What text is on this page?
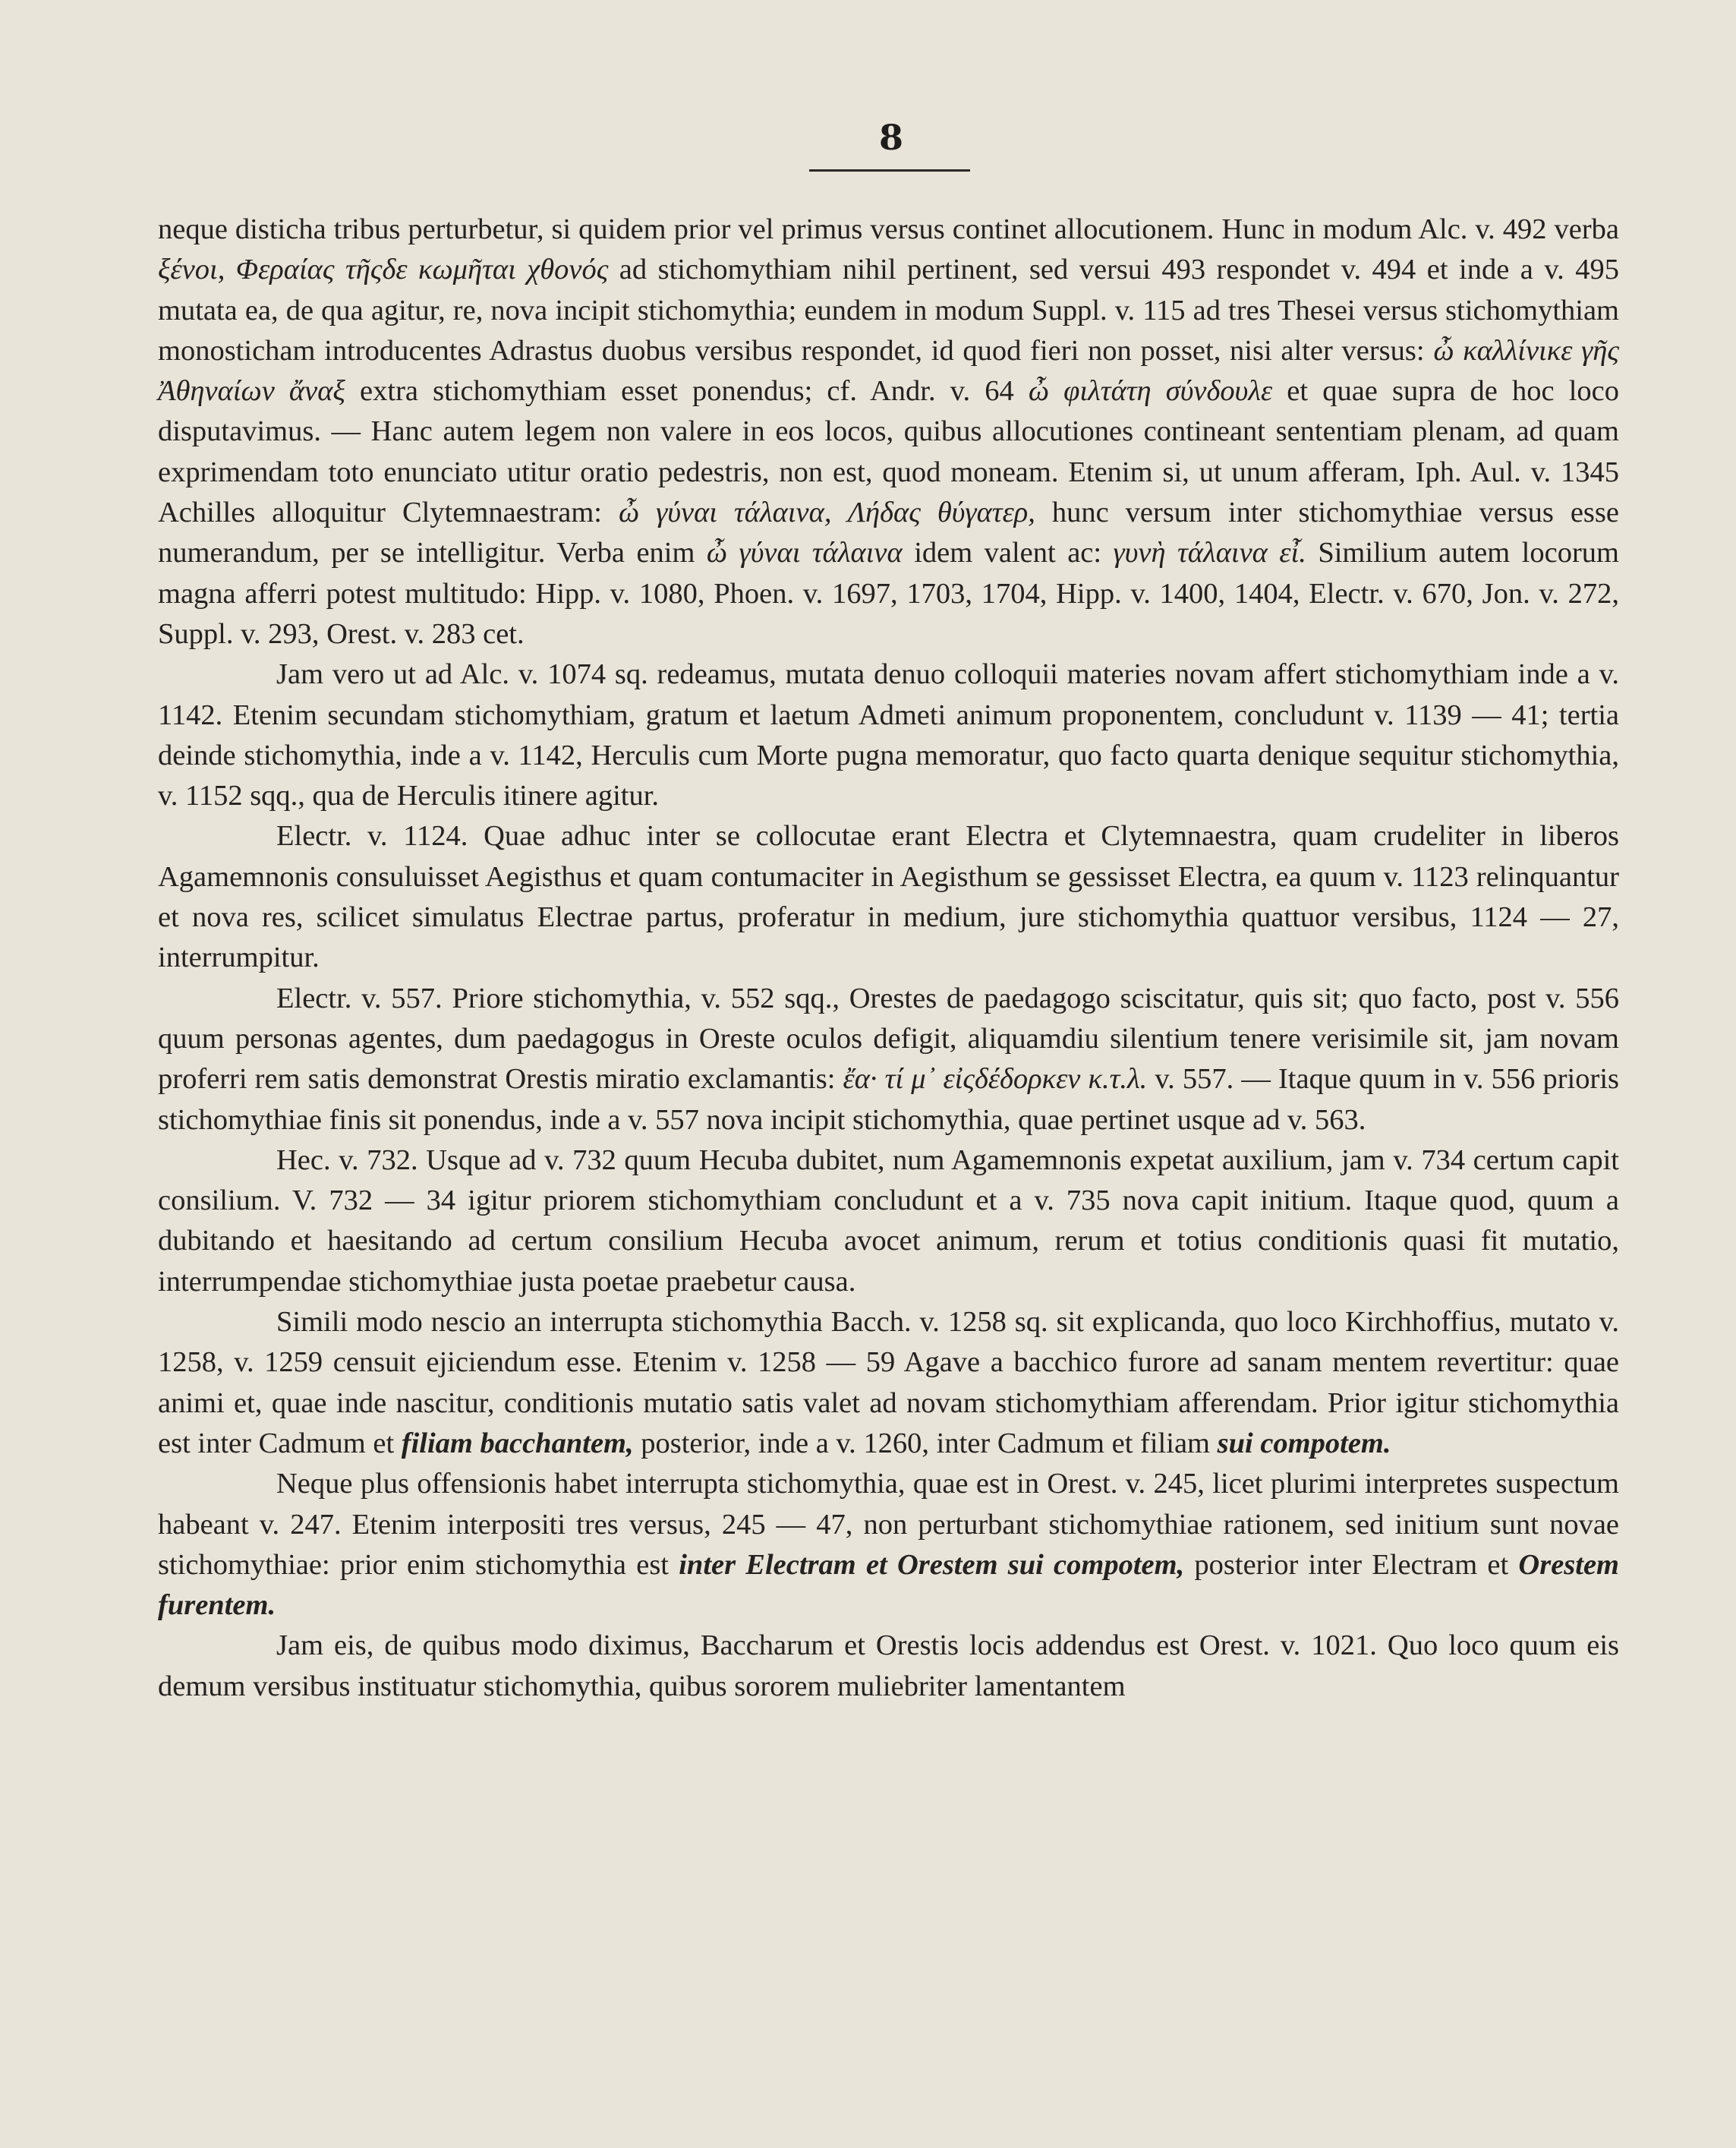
8

neque disticha tribus perturbetur, si quidem prior vel primus versus continet allocutionem. Hunc in modum Alc. v. 492 verba ξένοι, Φεραίας τῆςδε κωμῆται χθονός ad stichomythiam nihil pertinent, sed versui 493 respondet v. 494 et inde a v. 495 mutata ea, de qua agitur, re, nova incipit stichomythia; eundem in modum Suppl. v. 115 ad tres Thesei versus stichomythiam monosticham introducentes Adrastus duobus versibus respondet, id quod fieri non posset, nisi alter versus: ὦ καλλίνικε γῆς Ἀθηναίων ἄναξ extra stichomythiam esset ponendus; cf. Andr. v. 64 ὦ φιλτάτη σύνδουλε et quae supra de hoc loco disputavimus. — Hanc autem legem non valere in eos locos, quibus allocutiones contineant sententiam plenam, ad quam exprimendam toto enunciato utitur oratio pedestris, non est, quod moneam. Etenim si, ut unum afferam, Iph. Aul. v. 1345 Achilles alloquitur Clytemnaestram: ὦ γύναι τάλαινα, Λήδας θύγατερ, hunc versum inter stichomythiae versus esse numerandum, per se intelligitur. Verba enim ὦ γύναι τάλαινα idem valent ac: γυνὴ τάλαινα εἶ. Similium autem locorum magna afferri potest multitudo: Hipp. v. 1080, Phoen. v. 1697, 1703, 1704, Hipp. v. 1400, 1404, Electr. v. 670, Jon. v. 272, Suppl. v. 293, Orest. v. 283 cet.

Jam vero ut ad Alc. v. 1074 sq. redeamus, mutata denuo colloquii materies novam affert stichomythiam inde a v. 1142. Etenim secundam stichomythiam, gratum et laetum Admeti animum proponentem, concludunt v. 1139 — 41; tertia deinde stichomythia, inde a v. 1142, Herculis cum Morte pugna memoratur, quo facto quarta denique sequitur stichomythia, v. 1152 sqq., qua de Herculis itinere agitur.

Electr. v. 1124. Quae adhuc inter se collocutae erant Electra et Clytemnaestra, quam crudeliter in liberos Agamemnonis consuluisset Aegisthus et quam contumaciter in Aegisthum se gessisset Electra, ea quum v. 1123 relinquantur et nova res, scilicet simulatus Electrae partus, proferatur in medium, jure stichomythia quattuor versibus, 1124 — 27, interrumpitur.

Electr. v. 557. Priore stichomythia, v. 552 sqq., Orestes de paedagogo sciscitatur, quis sit; quo facto, post v. 556 quum personas agentes, dum paedagogus in Oreste oculos defigit, aliquamdiu silentium tenere verisimile sit, jam novam proferri rem satis demonstrat Orestis miratio exclamantis: ἔα· τί μ᾽ εἰςδέδορκεν κ.τ.λ. v. 557. — Itaque quum in v. 556 prioris stichomythiae finis sit ponendus, inde a v. 557 nova incipit stichomythia, quae pertinet usque ad v. 563.

Hec. v. 732. Usque ad v. 732 quum Hecuba dubitet, num Agamemnonis expetat auxilium, jam v. 734 certum capit consilium. V. 732 — 34 igitur priorem stichomythiam concludunt et a v. 735 nova capit initium. Itaque quod, quum a dubitando et haesitando ad certum consilium Hecuba avocet animum, rerum et totius conditionis quasi fit mutatio, interrumpendae stichomythiae justa poetae praebetur causa.

Simili modo nescio an interrupta stichomythia Bacch. v. 1258 sq. sit explicanda, quo loco Kirchhoffius, mutato v. 1258, v. 1259 censuit ejiciendum esse. Etenim v. 1258 — 59 Agave a bacchico furore ad sanam mentem revertitur: quae animi et, quae inde nascitur, conditionis mutatio satis valet ad novam stichomythiam afferendam. Prior igitur stichomythia est inter Cadmum et filiam bacchantem, posterior, inde a v. 1260, inter Cadmum et filiam sui compotem.

Neque plus offensionis habet interrupta stichomythia, quae est in Orest. v. 245, licet plurimi interpretes suspectum habeant v. 247. Etenim interpositi tres versus, 245 — 47, non perturbant stichomythiae rationem, sed initium sunt novae stichomythiae: prior enim stichomythia est inter Electram et Orestem sui compotem, posterior inter Electram et Orestem furentem.

Jam eis, de quibus modo diximus, Baccharum et Orestis locis addendus est Orest. v. 1021. Quo loco quum eis demum versibus instituatur stichomythia, quibus sororem muliebriter lamentantem
